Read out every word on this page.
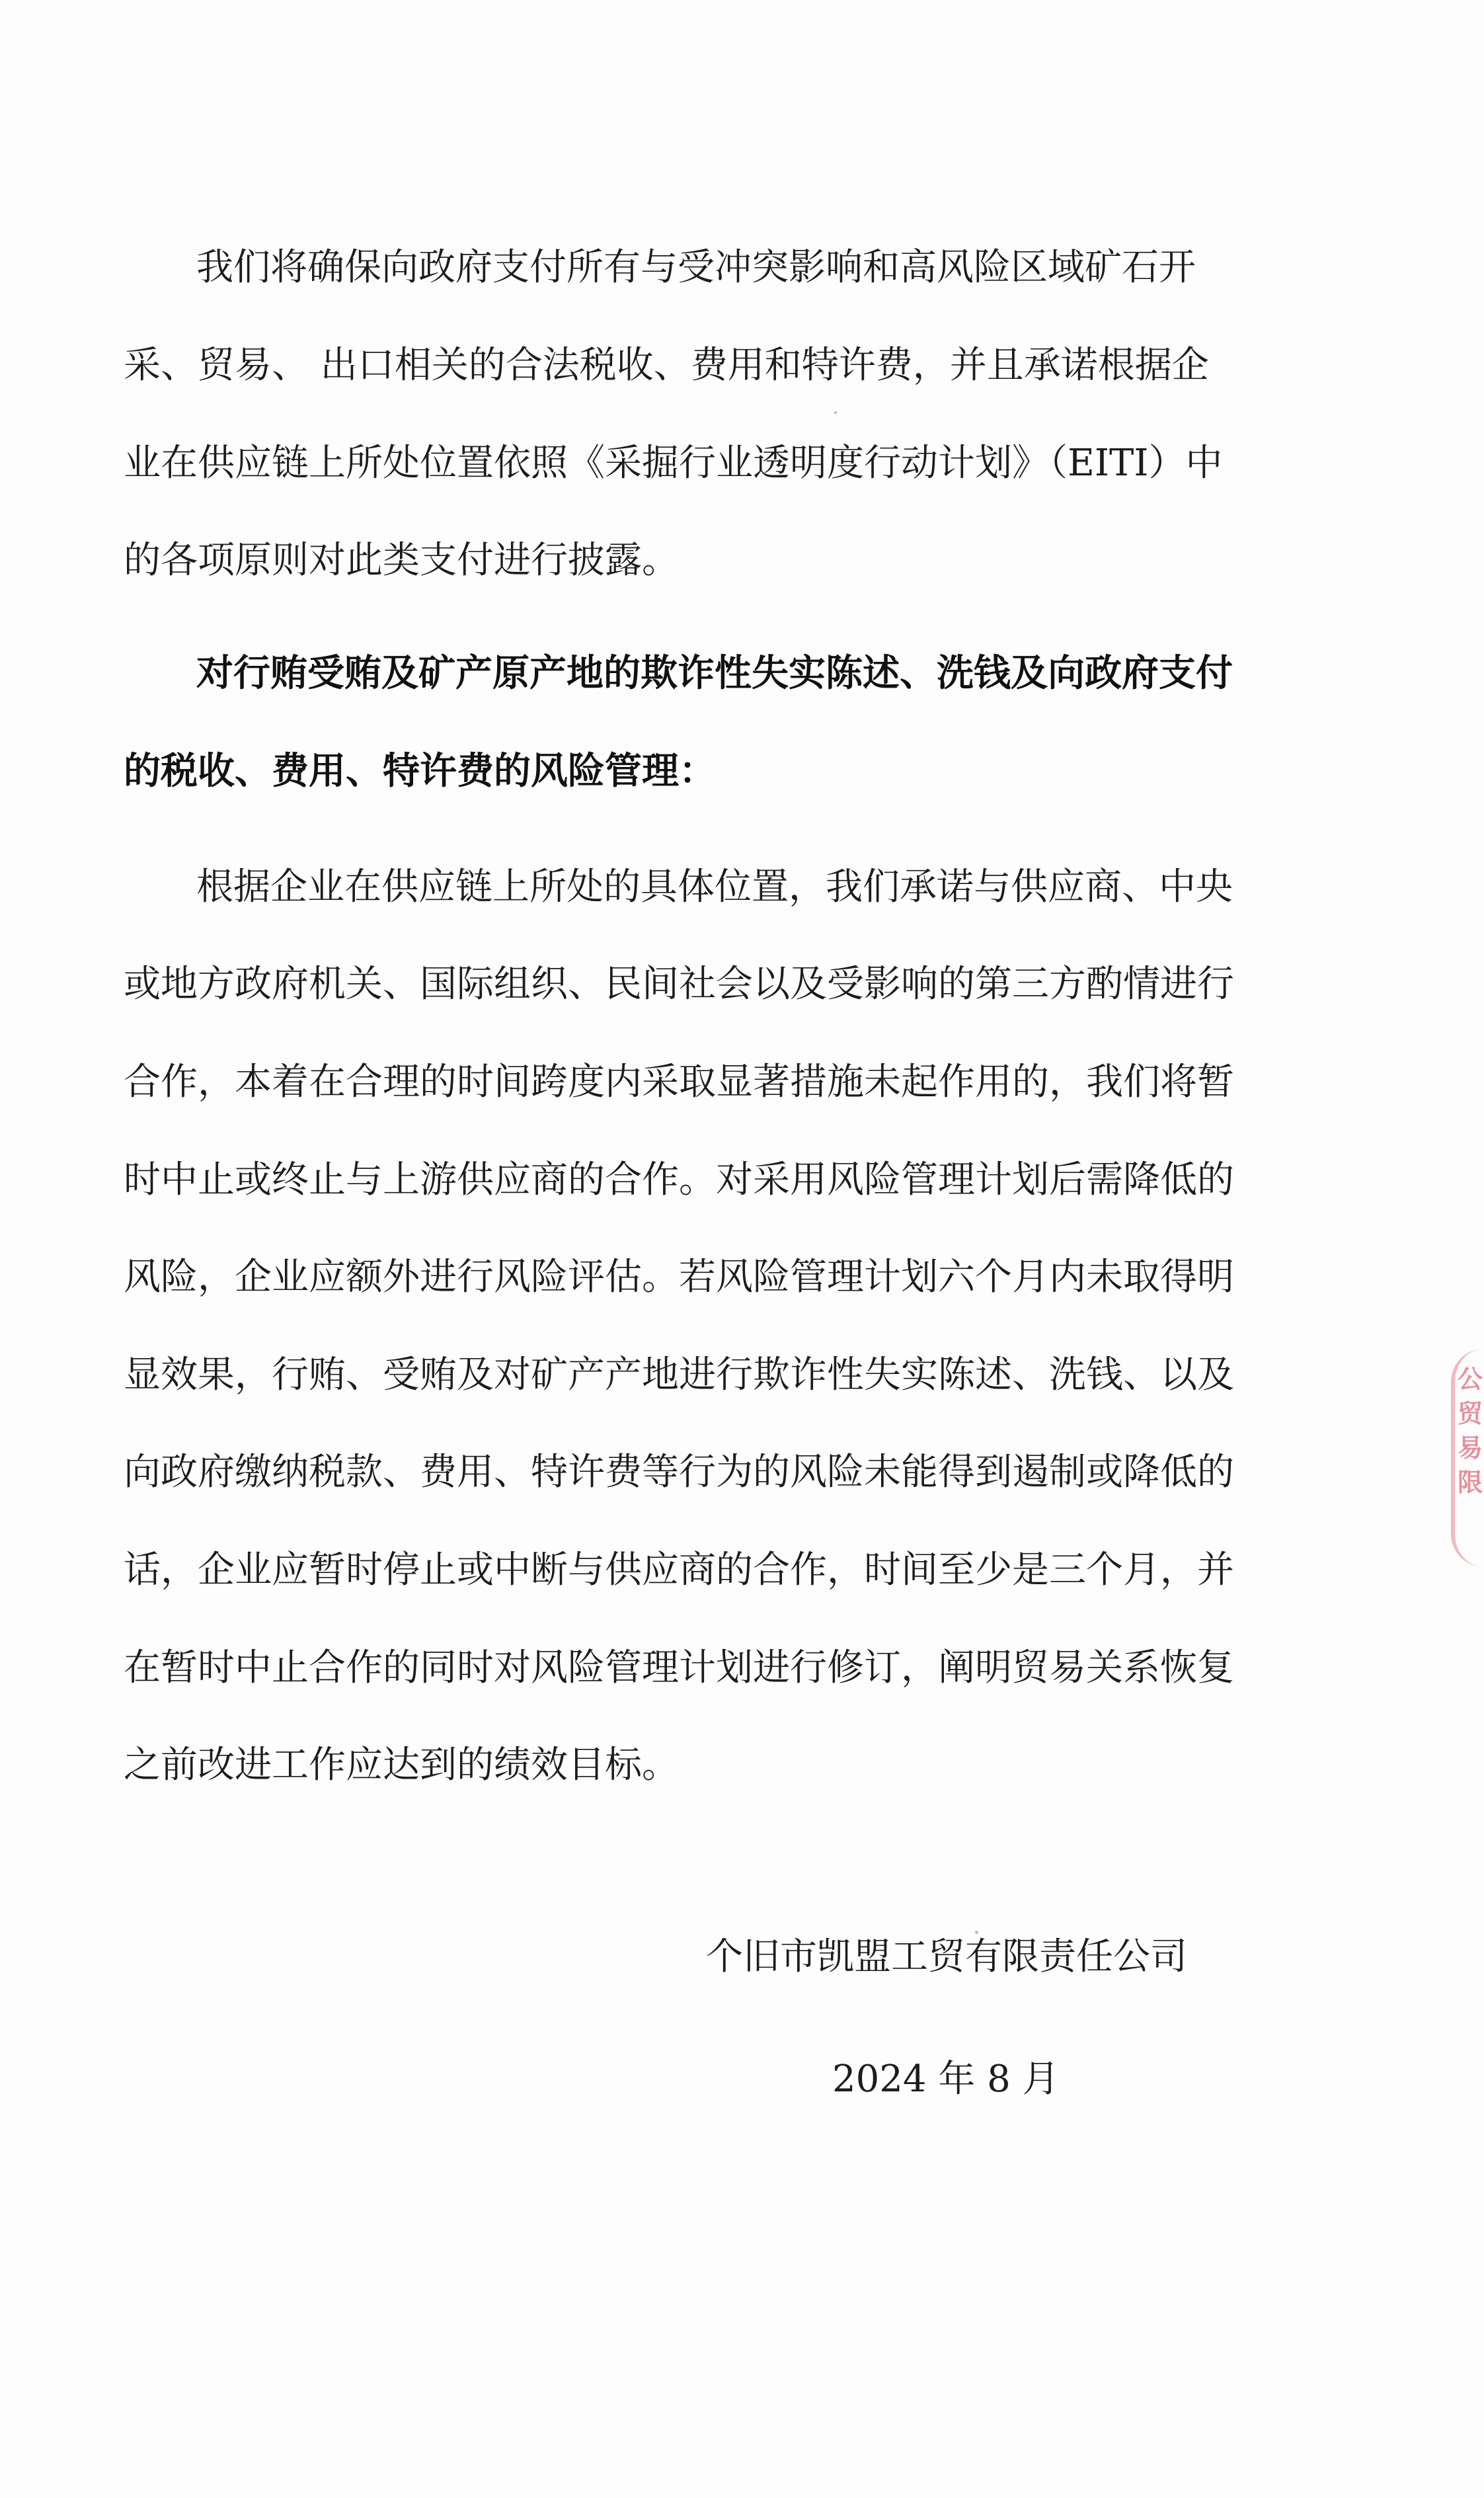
我们将确保向政府支付所有与受冲突影响和高风险区域矿石开
采、贸易、 出口相关的合法税收、费用和特许费，并且承诺根据企
业在供应链上所处位置依照《采掘行业透明度行动计划》（EITI）中
的各项原则对此类支付进行披露。
对行贿受贿及矿产原产地的欺诈性失实陈述、洗钱及向政府支付
的税收、费用、特许费的风险管理：
根据企业在供应链上所处的具体位置，我们承诺与供应商、中央
或地方政府机关、国际组织、民间社会以及受影响的第三方酌情进行
合作，本着在合理的时间跨度内采取显著措施未起作用的，我们将暂
时中止或终止与上游供应商的合作。对采用风险管理计划后需降低的
风险，企业应额外进行风险评估。若风险管理计划六个月内未取得明
显效果，行贿、受贿及对矿产产地进行欺诈性失实陈述、洗钱、以及
向政府缴纳税款、费用、特许费等行为的风险未能得到遏制或降低的
话，企业应暂时停止或中断与供应商的合作，时间至少是三个月，并
在暂时中止合作的同时对风险管理计划进行修订，阐明贸易关系恢复
之前改进工作应达到的绩效目标。
个旧市凯盟工贸有限责任公司
2024 年 8 月
公贸易限
